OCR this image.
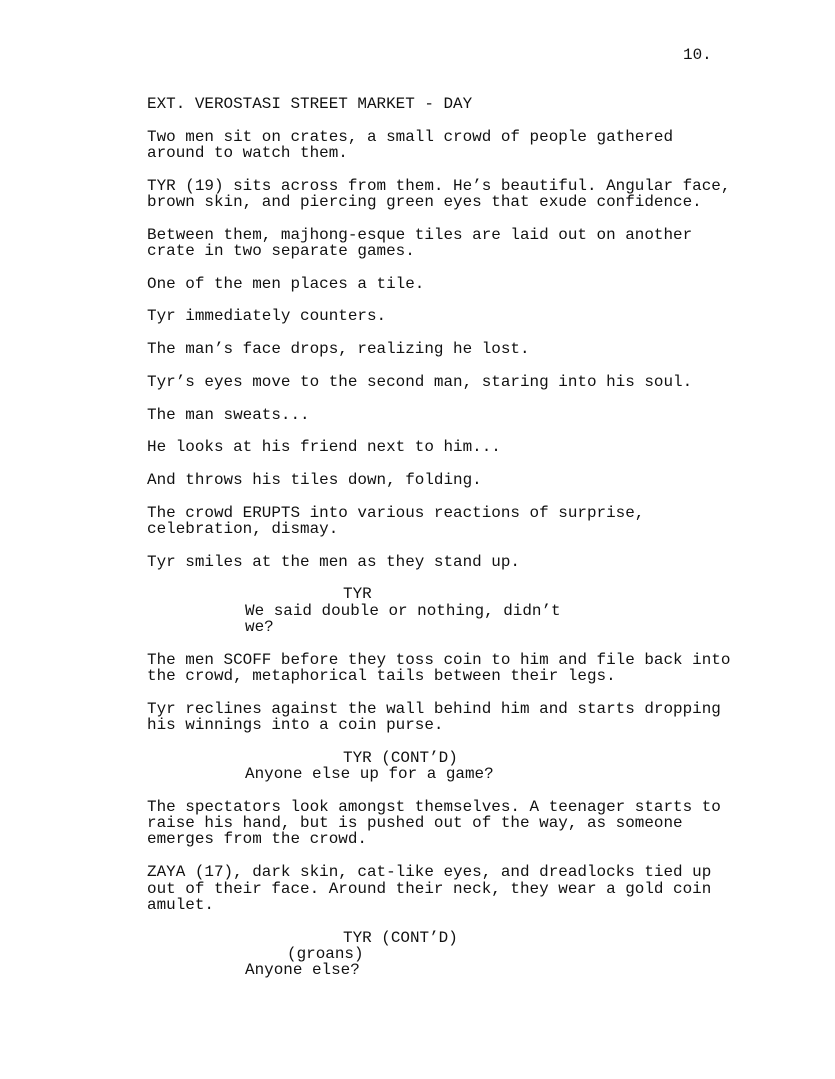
10.
EXT. VEROSTASI STREET MARKET - DAY
Two men sit on crates, a small crowd of people gathered
around to watch them.
TYR (19) sits across from them. He’s beautiful. Angular face,
brown skin, and piercing green eyes that exude confidence.
Between them, majhong-esque tiles are laid out on another
crate in two separate games.
One of the men places a tile.
Tyr immediately counters.
The man’s face drops, realizing he lost.
Tyr’s eyes move to the second man, staring into his soul.
The man sweats...
He looks at his friend next to him...
And throws his tiles down, folding.
The crowd ERUPTS into various reactions of surprise,
celebration, dismay.
Tyr smiles at the men as they stand up.
TYR
We said double or nothing, didn’t
we?
The men SCOFF before they toss coin to him and file back into
the crowd, metaphorical tails between their legs.
Tyr reclines against the wall behind him and starts dropping
his winnings into a coin purse.
TYR (CONT’D)
Anyone else up for a game?
The spectators look amongst themselves. A teenager starts to
raise his hand, but is pushed out of the way, as someone
emerges from the crowd.
ZAYA (17), dark skin, cat-like eyes, and dreadlocks tied up
out of their face. Around their neck, they wear a gold coin
amulet.
TYR (CONT’D)
(groans)
Anyone else?
